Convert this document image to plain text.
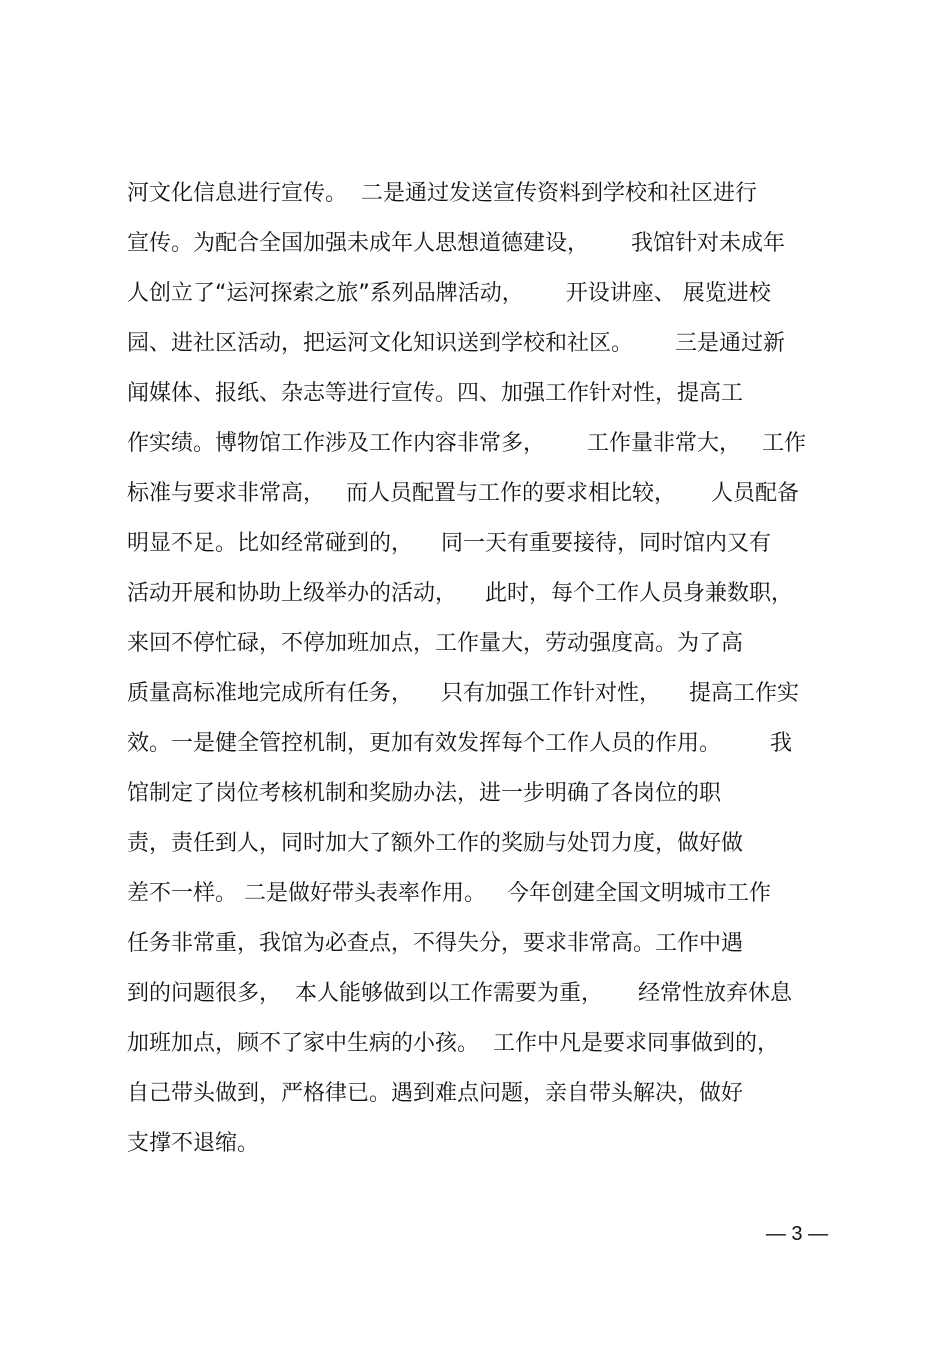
河文化信息进行宣传。  二是通过发送宣传资料到学校和社区进行
宣传。为配合全国加强未成年人思想道德建设，      我馆针对未成年
人创立了“运河探索之旅”系列品牌活动，      开设讲座、 展览进校
园、进社区活动，把运河文化知识送到学校和社区。      三是通过新
闻媒体、报纸、杂志等进行宣传。四、加强工作针对性，提高工
作实绩。博物馆工作涉及工作内容非常多，      工作量非常大，   工作
标准与要求非常高，   而人员配置与工作的要求相比较，     人员配备
明显不足。比如经常碰到的，    同一天有重要接待，同时馆内又有
活动开展和协助上级举办的活动，    此时，每个工作人员身兼数职，
来回不停忙碌，不停加班加点，工作量大，劳动强度高。为了高
质量高标准地完成所有任务，    只有加强工作针对性，    提高工作实
效。一是健全管控机制，更加有效发挥每个工作人员的作用。       我
馆制定了岗位考核机制和奖励办法，进一步明确了各岗位的职
责，责任到人，同时加大了额外工作的奖励与处罚力度，做好做
差不一样。 二是做好带头表率作用。   今年创建全国文明城市工作
任务非常重，我馆为必查点，不得失分，要求非常高。工作中遇
到的问题很多，  本人能够做到以工作需要为重，     经常性放弃休息
加班加点，顾不了家中生病的小孩。  工作中凡是要求同事做到的，
自己带头做到，严格律已。遇到难点问题，亲自带头解决，做好
支撑不退缩。
— 3 —
